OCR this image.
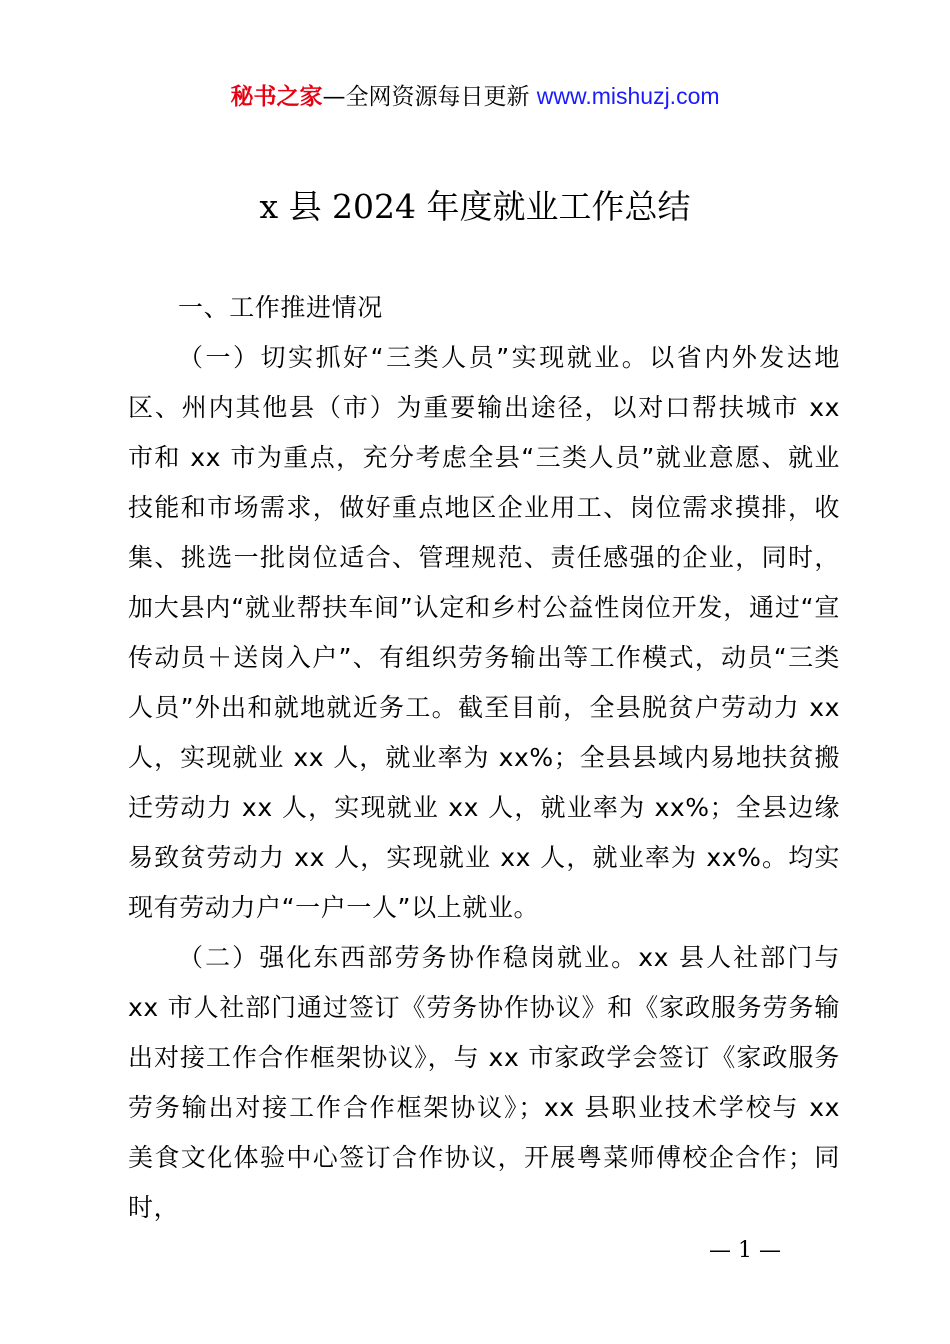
秘书之家—全网资源每日更新 www.mishuzj.com
x 县 2024 年度就业工作总结

一、工作推进情况

（一）切实抓好“三类人员”实现就业。以省内外发达地区、州内其他县（市）为重要输出途径，以对口帮扶城市 xx 市和 xx 市为重点，充分考虑全县“三类人员”就业意愿、就业技能和市场需求，做好重点地区企业用工、岗位需求摸排，收集、挑选一批岗位适合、管理规范、责任感强的企业，同时，加大县内“就业帮扶车间”认定和乡村公益性岗位开发，通过“宣传动员＋送岗入户”、有组织劳务输出等工作模式，动员“三类人员”外出和就地就近务工。截至目前，全县脱贫户劳动力 xx 人，实现就业 xx 人，就业率为 xx%；全县县域内易地扶贫搬迁劳动力 xx 人，实现就业 xx 人，就业率为 xx%；全县边缘易致贫劳动力 xx 人，实现就业 xx 人，就业率为 xx%。均实现有劳动力户“一户一人”以上就业。

（二）强化东西部劳务协作稳岗就业。xx 县人社部门与 xx 市人社部门通过签订《劳务协作协议》和《家政服务劳务输出对接工作合作框架协议》，与 xx 市家政学会签订《家政服务劳务输出对接工作合作框架协议》；xx 县职业技术学校与 xx 美食文化体验中心签订合作协议，开展粤菜师傅校企合作；同时，

— 1 —
